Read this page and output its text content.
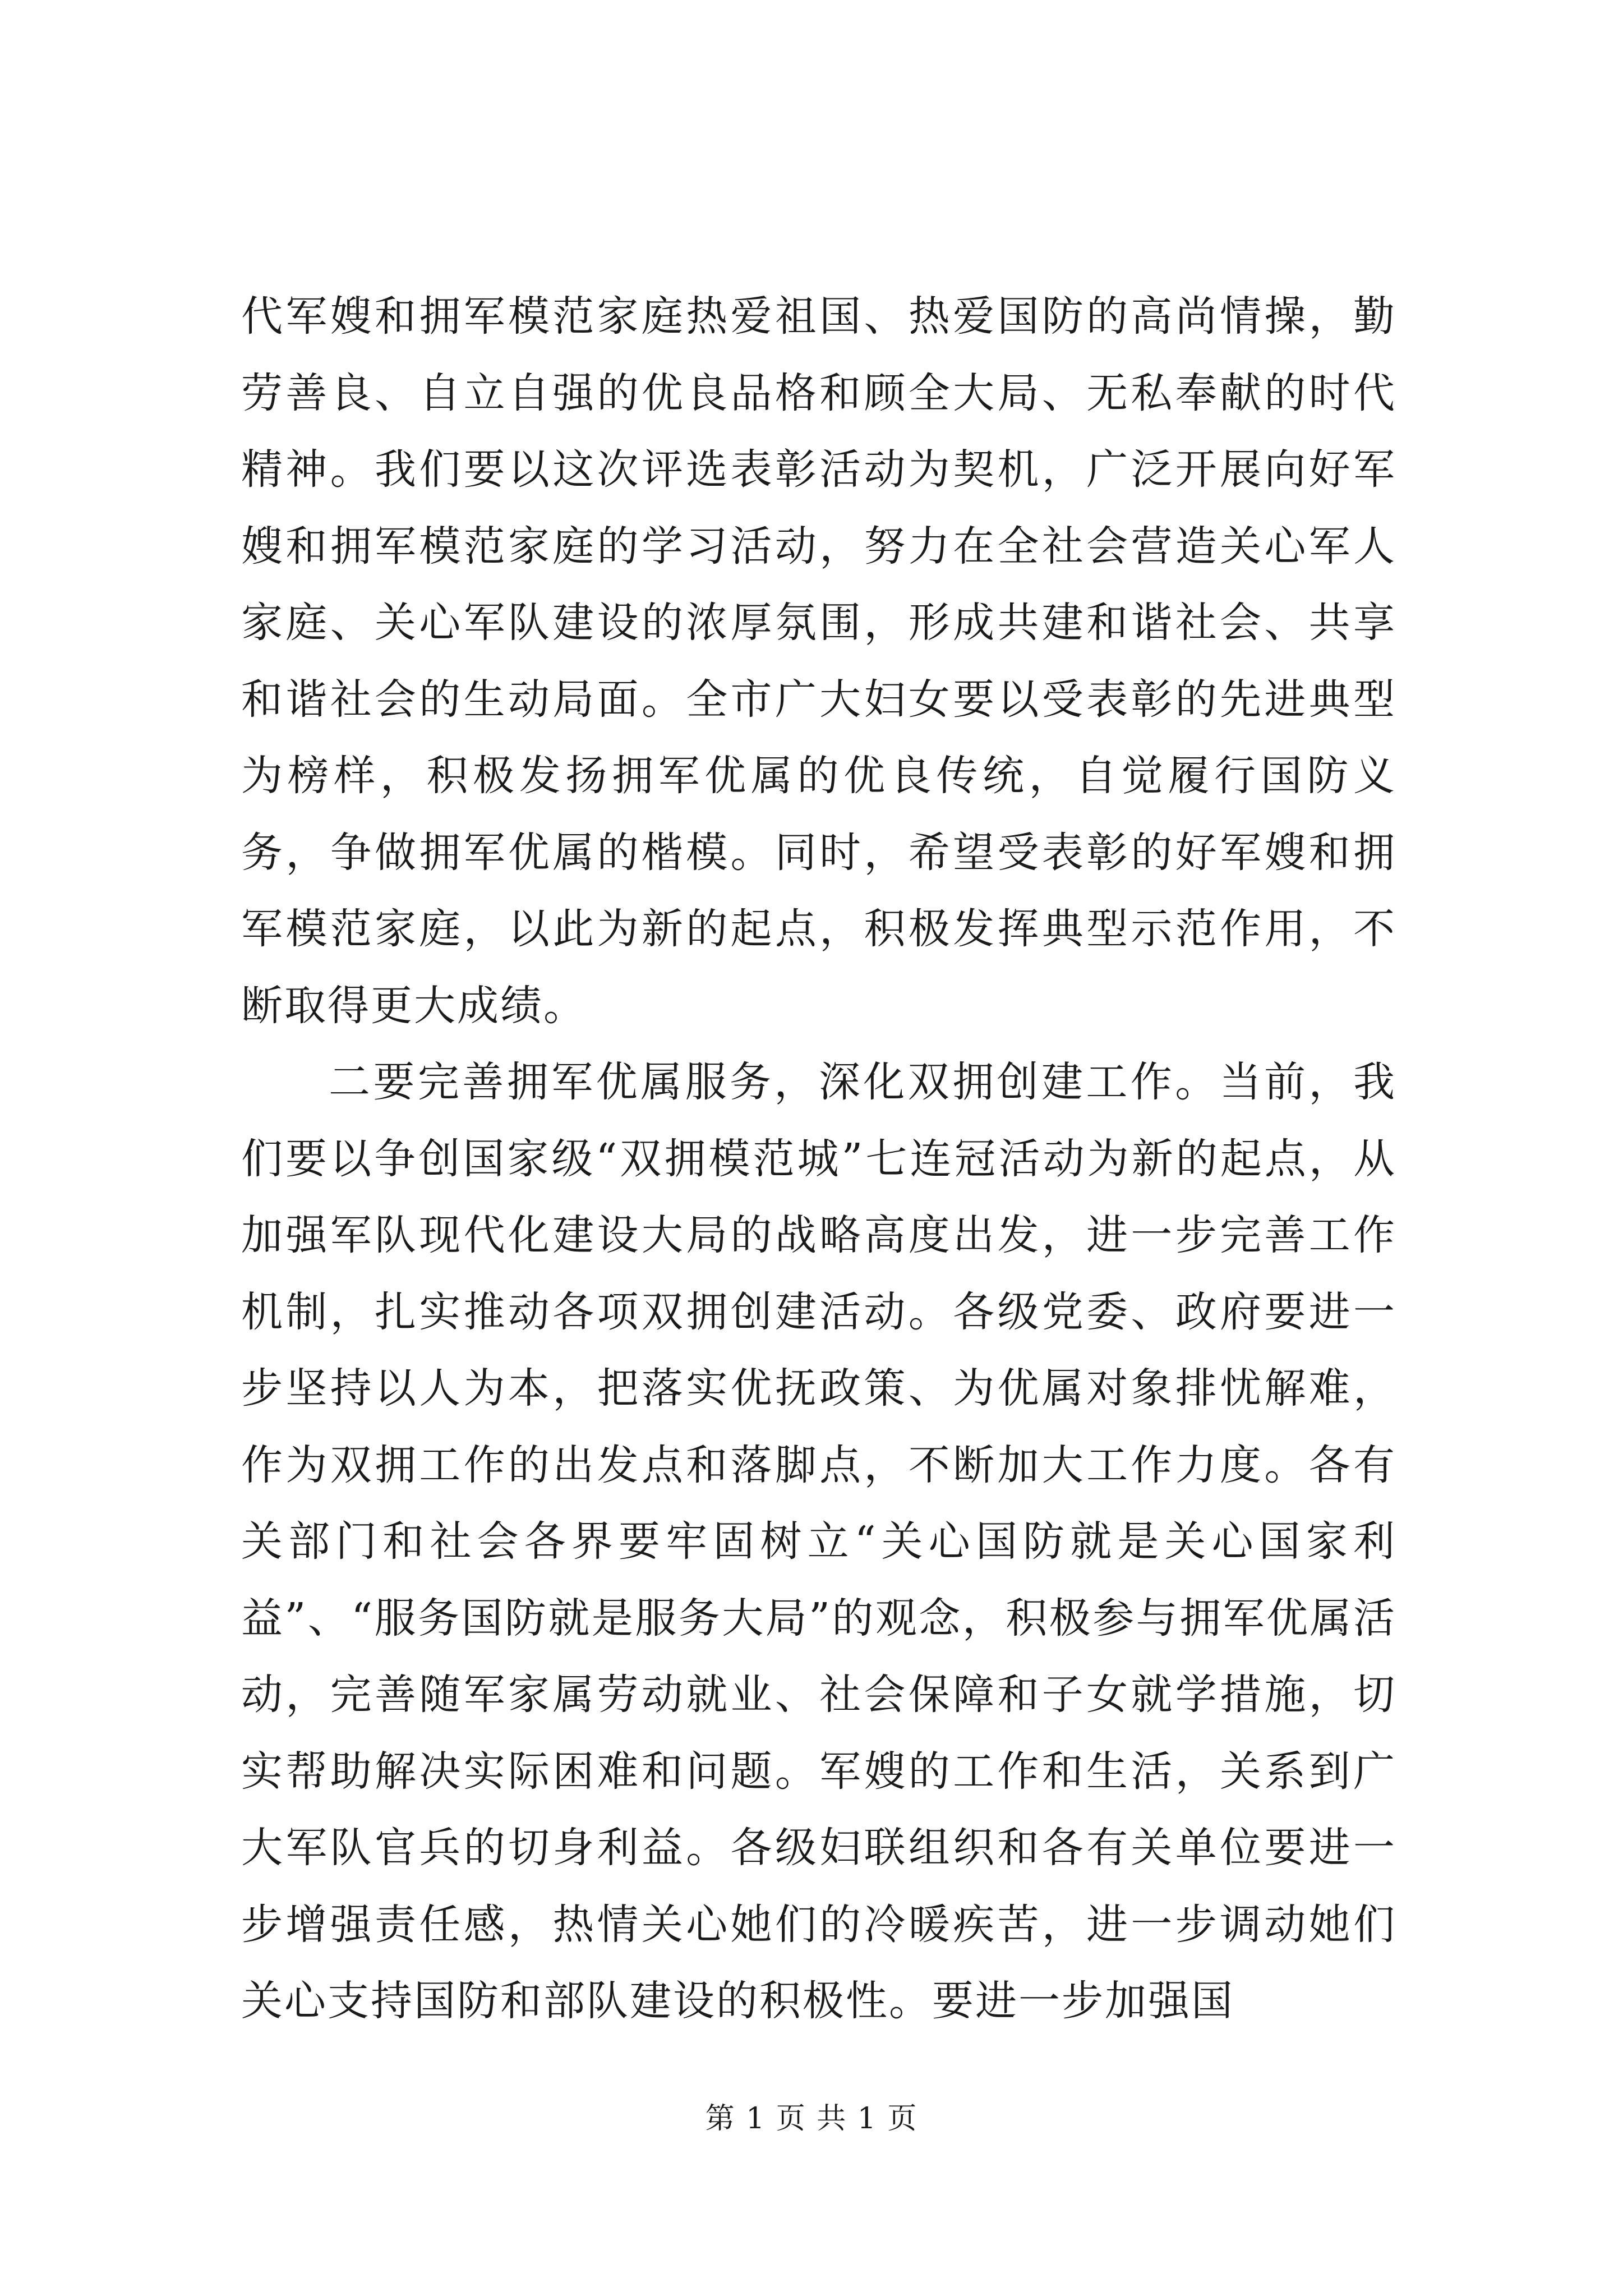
代军嫂和拥军模范家庭热爱祖国、热爱国防的高尚情操，勤劳善良、自立自强的优良品格和顾全大局、无私奉献的时代精神。我们要以这次评选表彰活动为契机，广泛开展向好军嫂和拥军模范家庭的学习活动，努力在全社会营造关心军人家庭、关心军队建设的浓厚氛围，形成共建和谐社会、共享和谐社会的生动局面。全市广大妇女要以受表彰的先进典型为榜样，积极发扬拥军优属的优良传统，自觉履行国防义务，争做拥军优属的楷模。同时，希望受表彰的好军嫂和拥军模范家庭，以此为新的起点，积极发挥典型示范作用，不断取得更大成绩。

二要完善拥军优属服务，深化双拥创建工作。当前，我们要以争创国家级“双拥模范城”七连冠活动为新的起点，从加强军队现代化建设大局的战略高度出发，进一步完善工作机制，扎实推动各项双拥创建活动。各级党委、政府要进一步坚持以人为本，把落实优抚政策、为优属对象排忧解难，作为双拥工作的出发点和落脚点，不断加大工作力度。各有关部门和社会各界要牢固树立“关心国防就是关心国家利益”、“服务国防就是服务大局”的观念，积极参与拥军优属活动，完善随军家属劳动就业、社会保障和子女就学措施，切实帮助解决实际困难和问题。军嫂的工作和生活，关系到广大军队官兵的切身利益。各级妇联组织和各有关单位要进一步增强责任感，热情关心她们的冷暖疾苦，进一步调动她们关心支持国防和部队建设的积极性。要进一步加强国

第 1 页 共 1 页
